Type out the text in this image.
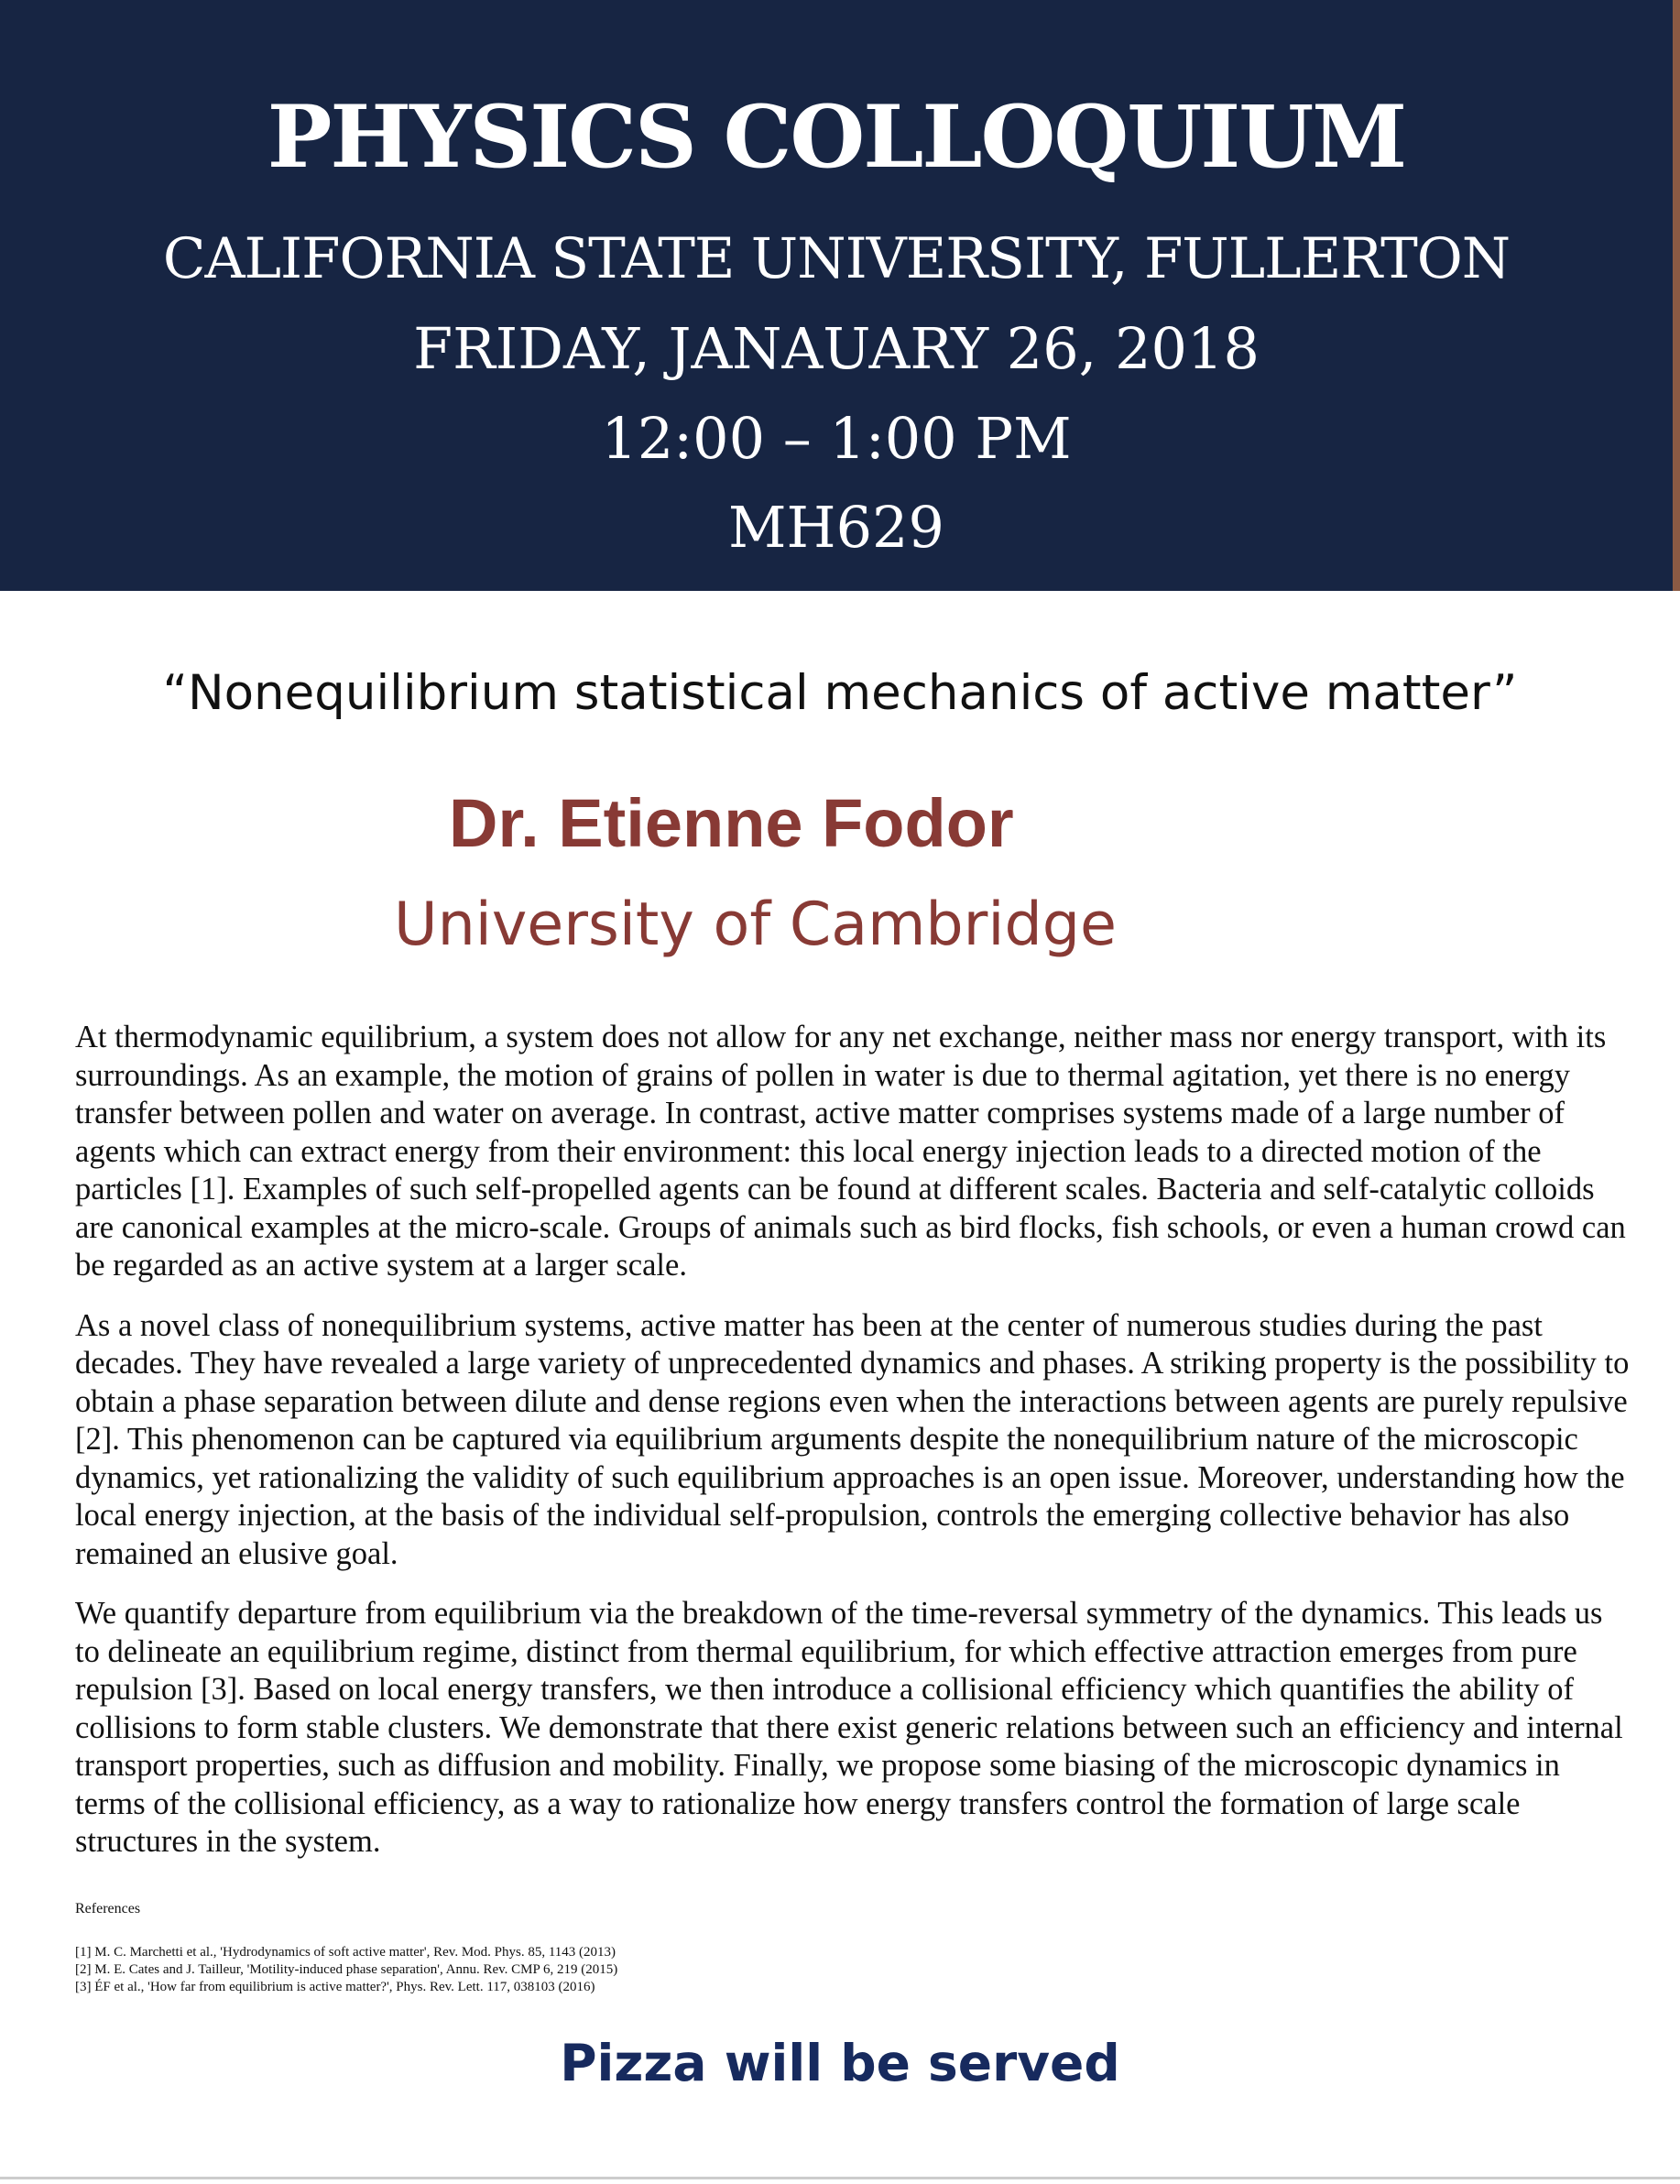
PHYSICS COLLOQUIUM
CALIFORNIA STATE UNIVERSITY, FULLERTON
FRIDAY, JANAUARY 26, 2018
12:00 – 1:00 PM
MH629
“Nonequilibrium statistical mechanics of active matter”
Dr. Etienne Fodor
University of Cambridge

At thermodynamic equilibrium, a system does not allow for any net exchange, neither mass nor energy transport, with its surroundings. As an example, the motion of grains of pollen in water is due to thermal agitation, yet there is no energy transfer between pollen and water on average. In contrast, active matter comprises systems made of a large number of agents which can extract energy from their environment: this local energy injection leads to a directed motion of the particles [1]. Examples of such self-propelled agents can be found at different scales. Bacteria and self-catalytic colloids are canonical examples at the micro-scale. Groups of animals such as bird flocks, fish schools, or even a human crowd can be regarded as an active system at a larger scale.

As a novel class of nonequilibrium systems, active matter has been at the center of numerous studies during the past decades. They have revealed a large variety of unprecedented dynamics and phases. A striking property is the possibility to obtain a phase separation between dilute and dense regions even when the interactions between agents are purely repulsive [2]. This phenomenon can be captured via equilibrium arguments despite the nonequilibrium nature of the microscopic dynamics, yet rationalizing the validity of such equilibrium approaches is an open issue. Moreover, understanding how the local energy injection, at the basis of the individual self-propulsion, controls the emerging collective behavior has also remained an elusive goal.

We quantify departure from equilibrium via the breakdown of the time-reversal symmetry of the dynamics. This leads us to delineate an equilibrium regime, distinct from thermal equilibrium, for which effective attraction emerges from pure repulsion [3]. Based on local energy transfers, we then introduce a collisional efficiency which quantifies the ability of collisions to form stable clusters. We demonstrate that there exist generic relations between such an efficiency and internal transport properties, such as diffusion and mobility. Finally, we propose some biasing of the microscopic dynamics in terms of the collisional efficiency, as a way to rationalize how energy transfers control the formation of large scale structures in the system.

References
[1] M. C. Marchetti et al., 'Hydrodynamics of soft active matter', Rev. Mod. Phys. 85, 1143 (2013)
[2] M. E. Cates and J. Tailleur, 'Motility-induced phase separation', Annu. Rev. CMP 6, 219 (2015)
[3] ÉF et al., 'How far from equilibrium is active matter?', Phys. Rev. Lett. 117, 038103 (2016)
Pizza will be served
